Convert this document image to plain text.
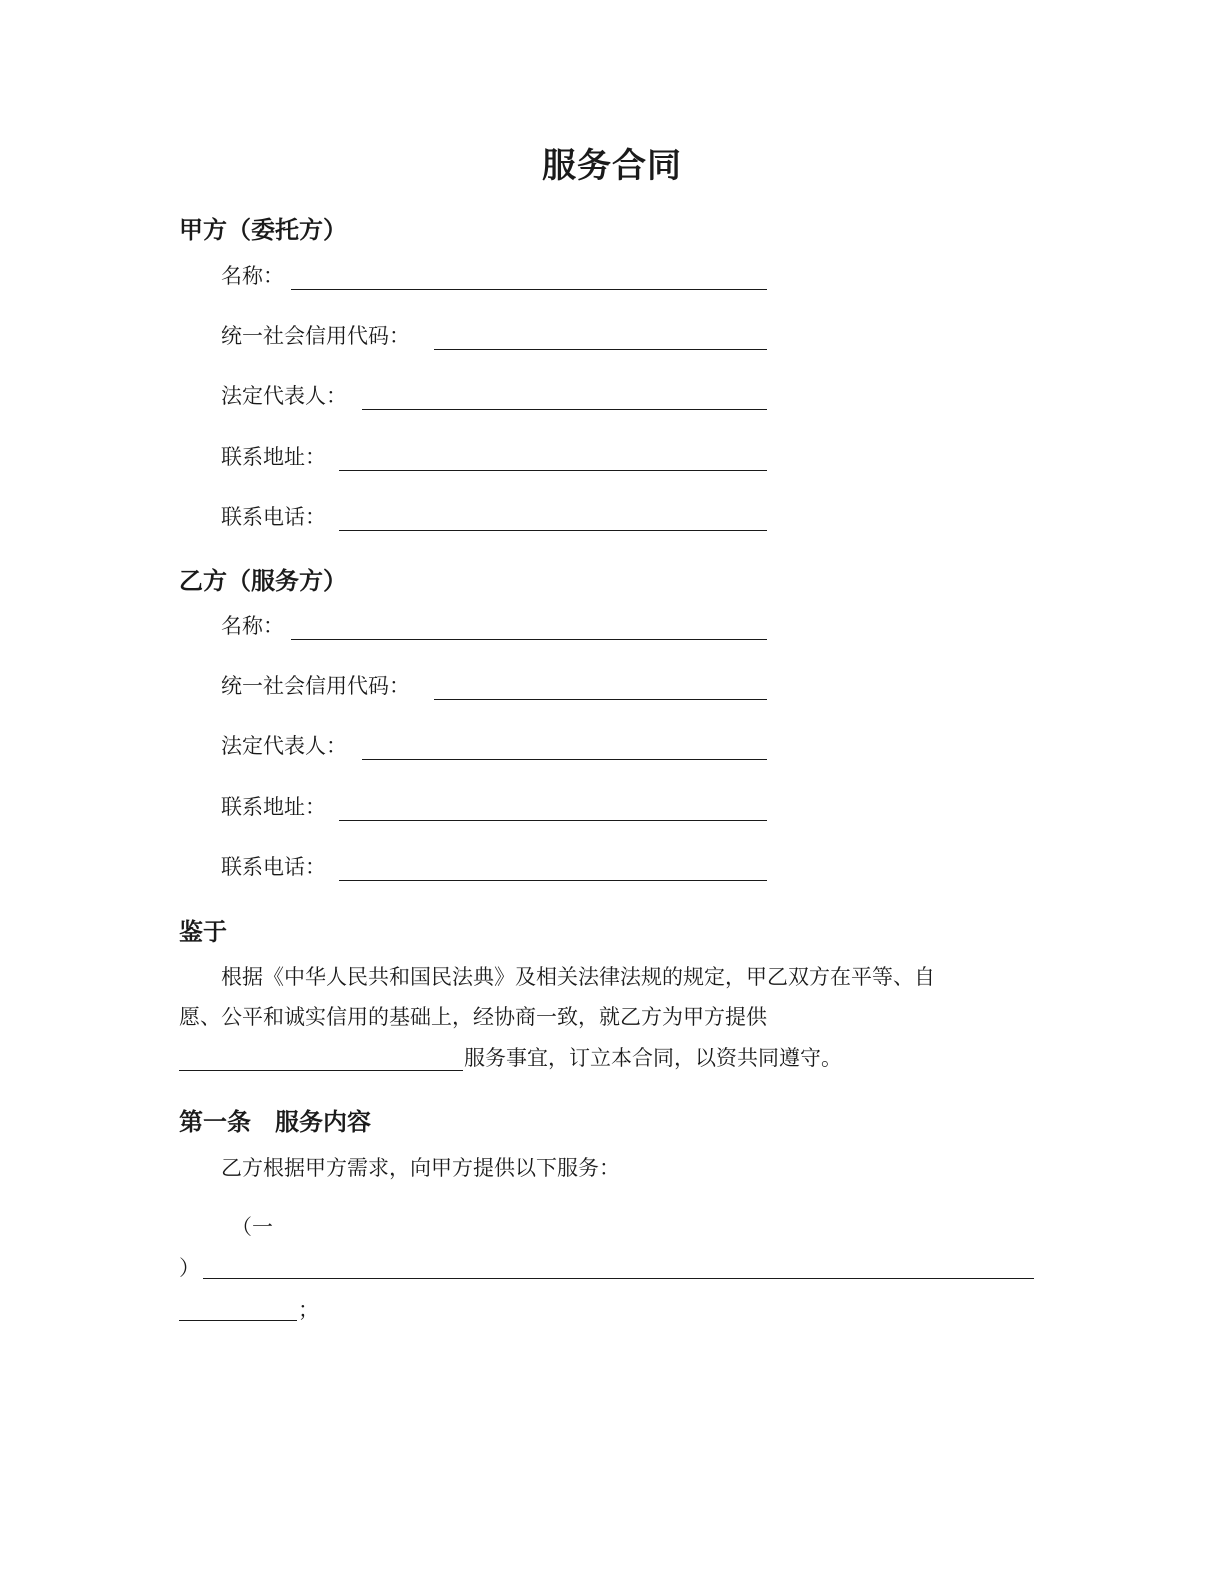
服务合同
甲方（委托方）
名称：
统一社会信用代码：
法定代表人：
联系地址：
联系电话：
乙方（服务方）
名称：
统一社会信用代码：
法定代表人：
联系地址：
联系电话：
鉴于
根据《中华人民共和国民法典》及相关法律法规的规定，甲乙双方在平等、自
愿、公平和诚实信用的基础上，经协商一致，就乙方为甲方提供
服务事宜，订立本合同，以资共同遵守。
第一条　服务内容
乙方根据甲方需求，向甲方提供以下服务：
（一
）
；
